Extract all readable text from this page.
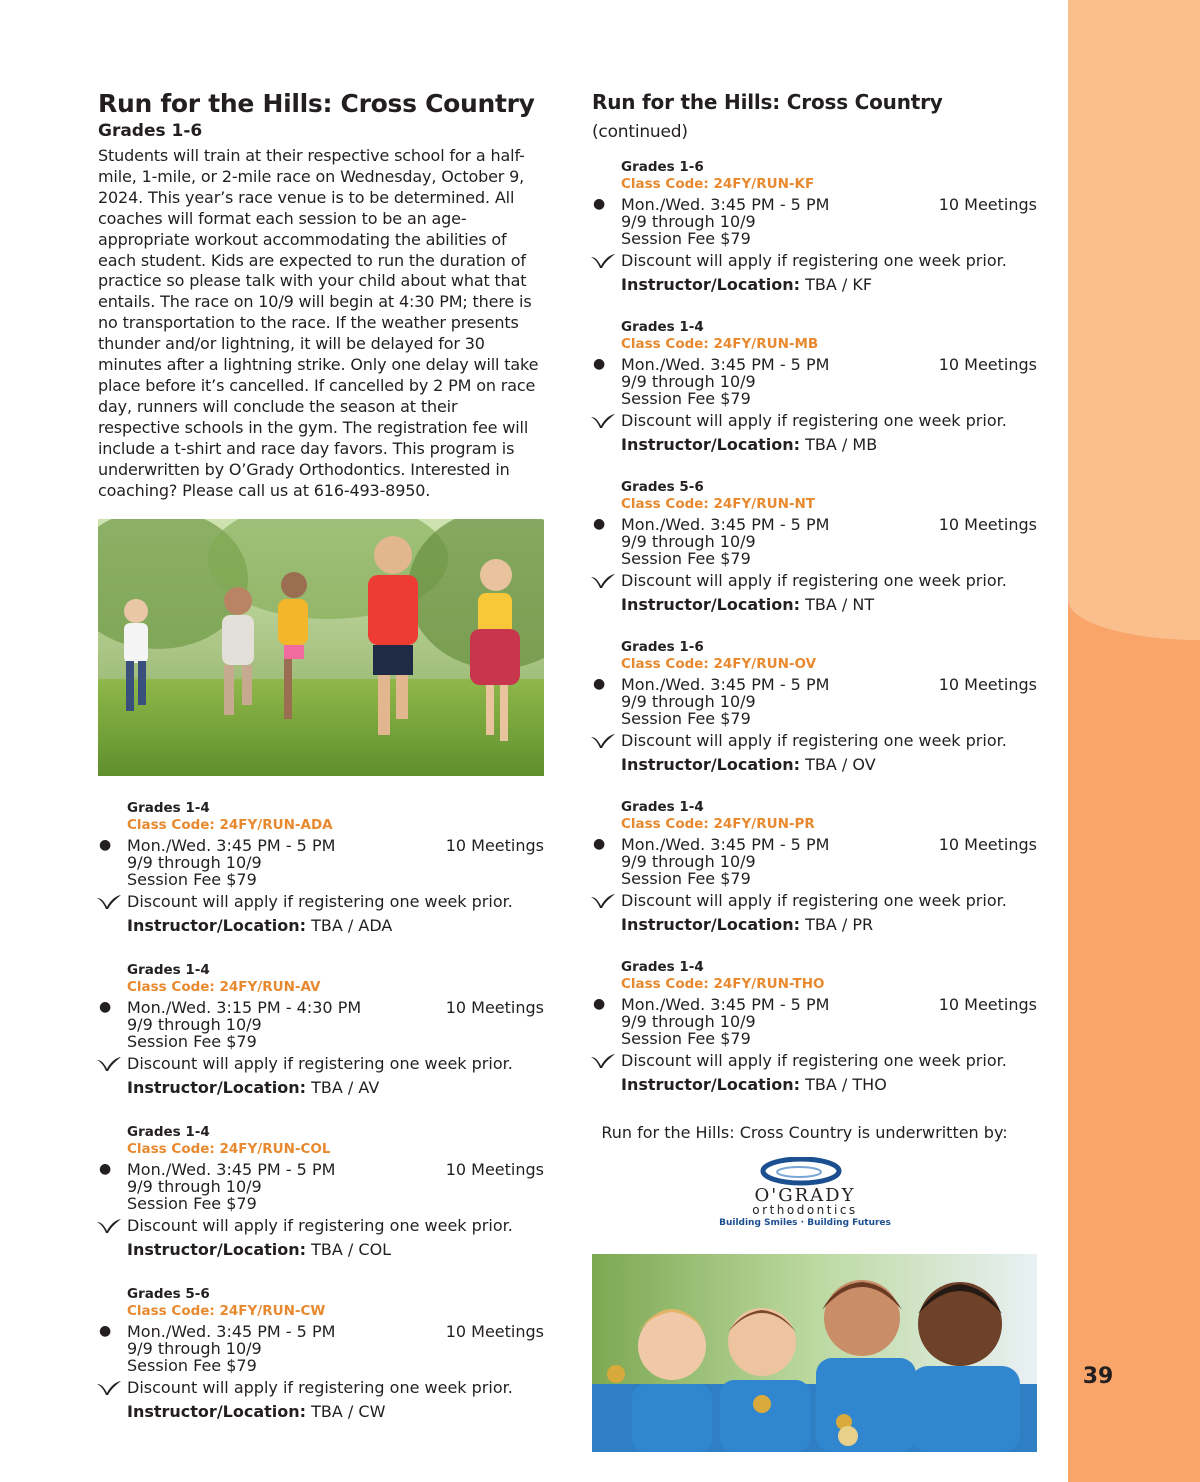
39
Run for the Hills: Cross Country
Grades 1-6

Students will train at their respective school for a half-mile, 1-mile, or 2-mile race on Wednesday, October 9, 2024. This year’s race venue is to be determined. All coaches will format each session to be an age-appropriate workout accommodating the abilities of each student. Kids are expected to run the duration of practice so please talk with your child about what that entails. The race on 10/9 will begin at 4:30 PM; there is no transportation to the race. If the weather presents thunder and/or lightning, it will be delayed for 30 minutes after a lightning strike. Only one delay will take place before it’s cancelled. If cancelled by 2 PM on race day, runners will conclude the season at their respective schools in the gym. The registration fee will include a t-shirt and race day favors. This program is underwritten by O’Grady Orthodontics. Interested in coaching? Please call us at 616-493-8950.

Grades 1-4
Class Code: 24FY/RUN-ADA
● Mon./Wed. 3:45 PM - 5 PM	10 Meetings
9/9 through 10/9
Session Fee $79
Discount will apply if registering one week prior.
Instructor/Location: TBA / ADA
Grades 1-4
Class Code: 24FY/RUN-AV
● Mon./Wed. 3:15 PM - 4:30 PM	10 Meetings
9/9 through 10/9
Session Fee $79
Discount will apply if registering one week prior.
Instructor/Location: TBA / AV
Grades 1-4
Class Code: 24FY/RUN-COL
● Mon./Wed. 3:45 PM - 5 PM	10 Meetings
9/9 through 10/9
Session Fee $79
Discount will apply if registering one week prior.
Instructor/Location: TBA / COL
Grades 5-6
Class Code: 24FY/RUN-CW
● Mon./Wed. 3:45 PM - 5 PM	10 Meetings
9/9 through 10/9
Session Fee $79
Discount will apply if registering one week prior.
Instructor/Location: TBA / CW
Run for the Hills: Cross Country (continued)
Grades 1-6
Class Code: 24FY/RUN-KF
● Mon./Wed. 3:45 PM - 5 PM	10 Meetings
9/9 through 10/9
Session Fee $79
Discount will apply if registering one week prior.
Instructor/Location: TBA / KF
Grades 1-4
Class Code: 24FY/RUN-MB
● Mon./Wed. 3:45 PM - 5 PM	10 Meetings
9/9 through 10/9
Session Fee $79
Discount will apply if registering one week prior.
Instructor/Location: TBA / MB
Grades 5-6
Class Code: 24FY/RUN-NT
● Mon./Wed. 3:45 PM - 5 PM	10 Meetings
9/9 through 10/9
Session Fee $79
Discount will apply if registering one week prior.
Instructor/Location: TBA / NT
Grades 1-6
Class Code: 24FY/RUN-OV
● Mon./Wed. 3:45 PM - 5 PM	10 Meetings
9/9 through 10/9
Session Fee $79
Discount will apply if registering one week prior.
Instructor/Location: TBA / OV
Grades 1-4
Class Code: 24FY/RUN-PR
● Mon./Wed. 3:45 PM - 5 PM	10 Meetings
9/9 through 10/9
Session Fee $79
Discount will apply if registering one week prior.
Instructor/Location: TBA / PR
Grades 1-4
Class Code: 24FY/RUN-THO
● Mon./Wed. 3:45 PM - 5 PM	10 Meetings
9/9 through 10/9
Session Fee $79
Discount will apply if registering one week prior.
Instructor/Location: TBA / THO
Run for the Hills: Cross Country is underwritten by:
O'GRADY
orthodontics
Building Smiles · Building Futures
